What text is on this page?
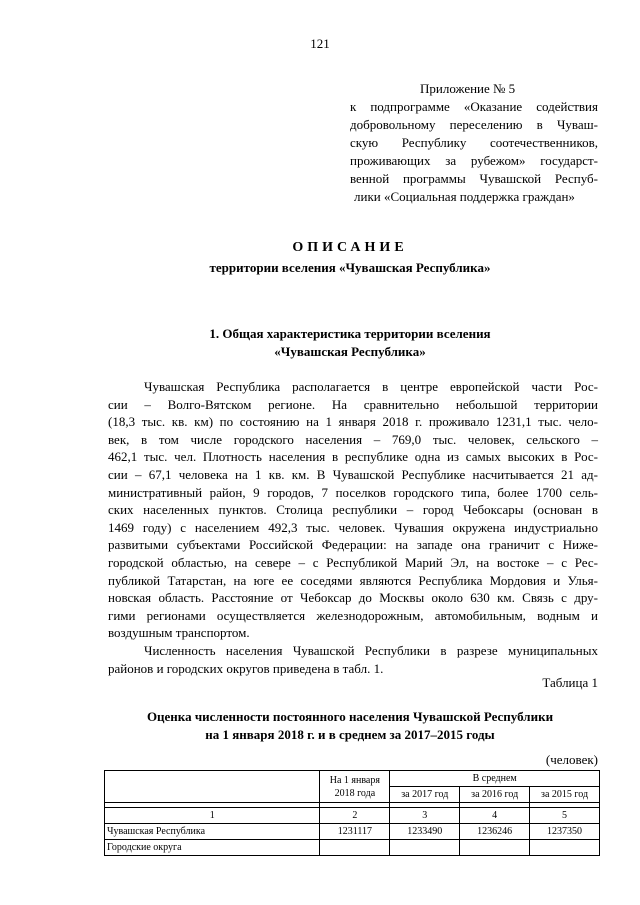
121
Приложение № 5
к подпрограмме «Оказание содействия
добровольному переселению в Чуваш-
скую Республику соотечественников,
проживающих за рубежом» государст-
венной программы Чувашской Респуб-
лики «Социальная поддержка граждан»
ОПИСАНИЕ
территории вселения «Чувашская Республика»
1. Общая характеристика территории вселения
«Чувашская Республика»
Чувашская Республика располагается в центре европейской части Рос-
сии – Волго-Вятском регионе. На сравнительно небольшой территории
(18,3 тыс. кв. км) по состоянию на 1 января 2018 г. проживало 1231,1 тыс. чело-
век, в том числе городского населения – 769,0 тыс. человек, сельского –
462,1 тыс. чел. Плотность населения в республике одна из самых высоких в Рос-
сии – 67,1 человека на 1 кв. км. В Чувашской Республике насчитывается 21 ад-
министративный район, 9 городов, 7 поселков городского типа, более 1700 сель-
ских населенных пунктов. Столица республики – город Чебоксары (основан в
1469 году) с населением 492,3 тыс. человек. Чувашия окружена индустриально
развитыми субъектами Российской Федерации: на западе она граничит с Ниже-
городской областью, на севере – с Республикой Марий Эл, на востоке – с Рес-
публикой Татарстан, на юге ее соседями являются Республика Мордовия и Улья-
новская область. Расстояние от Чебоксар до Москвы около 630 км. Связь с дру-
гими регионами осуществляется железнодорожным, автомобильным, водным и
воздушным транспортом.
Численность населения Чувашской Республики в разрезе муниципальных
районов и городских округов приведена в табл. 1.
Таблица 1
Оценка численности постоянного населения Чувашской Республики
на 1 января 2018 г. и в среднем за 2017–2015 годы
(человек)
	На 1 января 2018 года	В среднем		
		за 2017 год	за 2016 год	за 2015 год

1	2	3	4	5
Чувашская Республика	1231117	1233490	1236246	1237350
Городские округа				
